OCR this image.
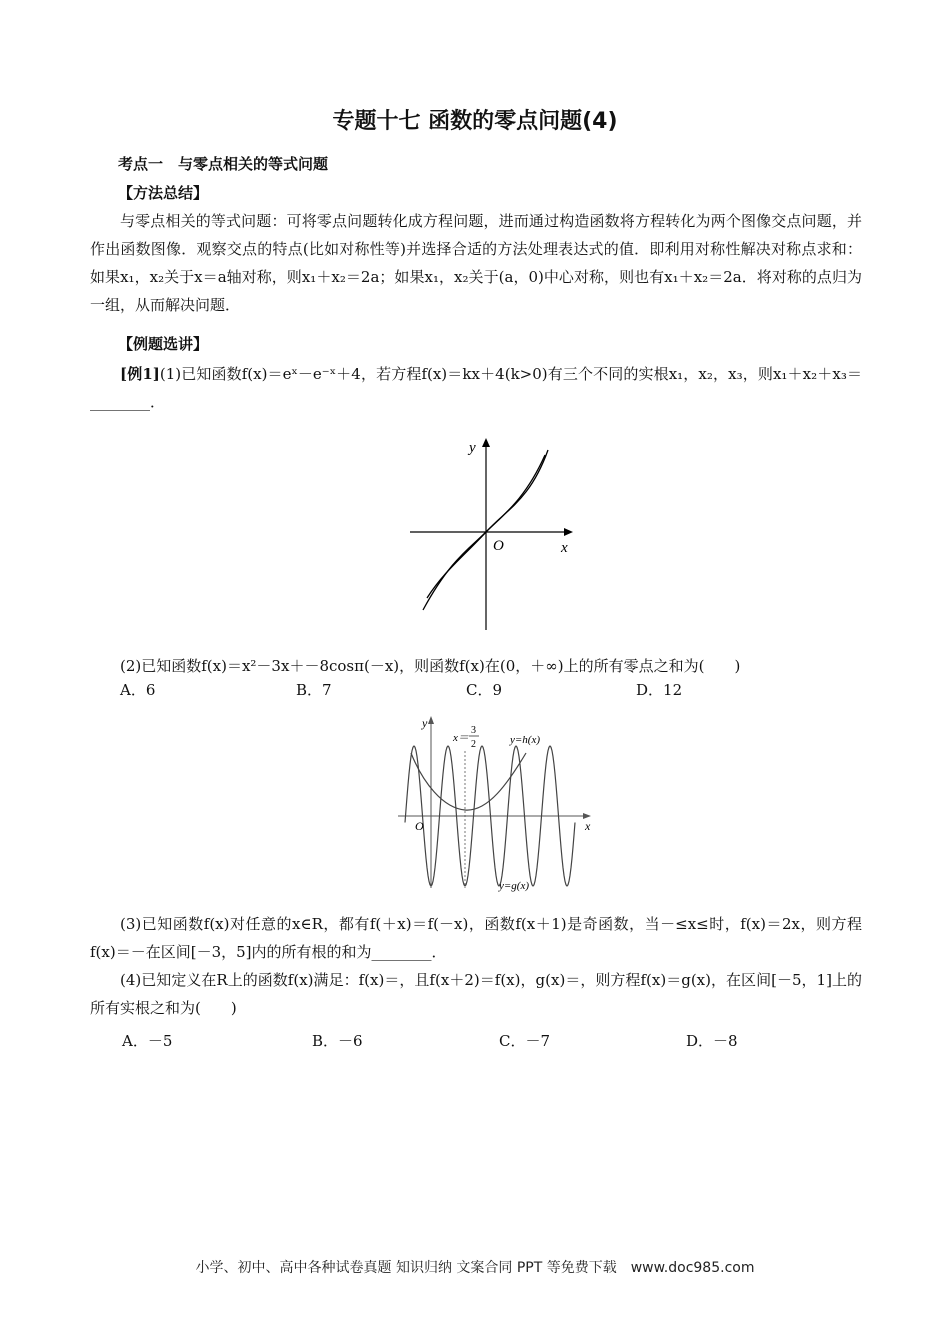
专题十七 函数的零点问题(4)
考点一　与零点相关的等式问题
【方法总结】
与零点相关的等式问题：可将零点问题转化成方程问题，进而通过构造函数将方程转化为两个图像交点问题，并作出函数图像．观察交点的特点(比如对称性等)并选择合适的方法处理表达式的值．即利用对称性解决对称点求和：如果x₁，x₂关于x＝a轴对称，则x₁＋x₂＝2a；如果x₁，x₂关于(a，0)中心对称，则也有x₁＋x₂＝2a．将对称的点归为一组，从而解决问题．
【例题选讲】
[例1](1)已知函数f(x)＝eˣ－e⁻ˣ＋4，若方程f(x)＝kx＋4(k>0)有三个不同的实根x₁，x₂，x₃，则x₁＋x₂＋x₃＝________．
y
x
O
(2)已知函数f(x)＝x²－3x＋－8cosπ(－x)，则函数f(x)在(0，＋∞)上的所有零点之和为(　　)
A．6	B．7	C．9	D．12
y
x
O
x＝
3
2	y=h(x)
y=g(x)
(3)已知函数f(x)对任意的x∈R，都有f(＋x)＝f(－x)，函数f(x＋1)是奇函数，当－≤x≤时，f(x)＝2x，则方程f(x)＝－在区间[－3，5]内的所有根的和为________．
(4)已知定义在R上的函数f(x)满足：f(x)＝，且f(x＋2)＝f(x)，g(x)＝，则方程f(x)＝g(x)，在区间[－5，1]上的所有实根之和为(　　)
A．－5	B．－6	C．－7	D．－8
小学、初中、高中各种试卷真题 知识归纳 文案合同 PPT 等免费下载　www.doc985.com
